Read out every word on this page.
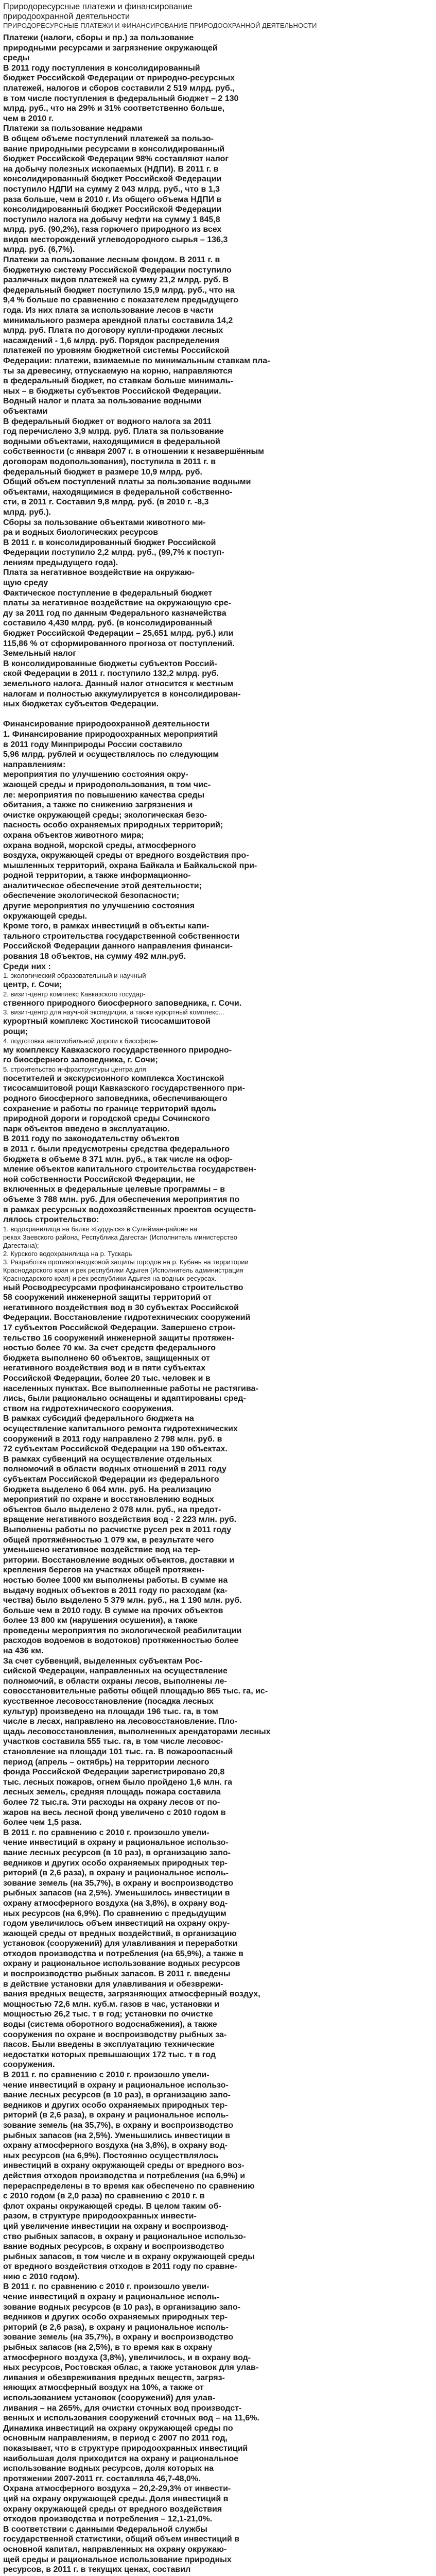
Природоресурсные платежи и финансирование
природоохранной деятельности

ПРИРОДОРЕСУРСНЫЕ ПЛАТЕЖИ И ФИНАНСИРОВАНИЕ ПРИРОДООХРАННОЙ ДЕЯТЕЛЬНОСТИ

Платежи (налоги, сборы и пр.) за пользование
природными ресурсами и загрязнение окружающей
среды
В 2011 году поступления в консолидированный
бюджет Российской Федерации от природно-ресурсных
платежей, налогов и сборов составили 2 519 млрд. руб.,
в том числе поступления в федеральный бюджет – 2 130
млрд. руб., что на 29% и 31% соответственно больше,
чем в 2010 г.
Платежи за пользование недрами
В общем объеме поступлений платежей за пользо-
вание природными ресурсами в консолидированный
бюджет Российской Федерации 98% составляют налог
на добычу полезных ископаемых (НДПИ). В 2011 г. в
консолидированный бюджет Российской Федерации
поступило НДПИ на сумму 2 043 млрд. руб., что в 1,3
раза больше, чем в 2010 г. Из общего объема НДПИ в
консолидированный бюджет Российской Федерации
поступило налога на добычу нефти на сумму 1 845,8
млрд. руб. (90,2%), газа горючего природного из всех
видов месторождений углеводородного сырья – 136,3
млрд. руб. (6,7%).
Платежи за пользование лесным фондом. В 2011 г. в
бюджетную систему Российской Федерации поступило
различных видов платежей на сумму 21,2 млрд. руб. В
федеральный бюджет поступило 15,9 млрд. руб., что на
9,4 % больше по сравнению с показателем предыдущего
года. Из них плата за использование лесов в части
минимального размера арендной платы составила 14,2
млрд. руб. Плата по договору купли-продажи лесных
насаждений - 1,6 млрд. руб. Порядок распределения
платежей по уровням бюджетной системы Российской
Федерации: платежи, взимаемые по минимальным ставкам пла-
ты за древесину, отпускаемую на корню, направляются
в федеральный бюджет, по ставкам больше минималь-
ных – в бюджеты субъектов Российской Федерации.
Водный налог и плата за пользование водными
объектами
В федеральный бюджет от водного налога за 2011
год перечислено 3,9 млрд. руб. Плата за пользование
водными объектами, находящимися в федеральной
собственности (с января 2007 г. в отношении к незавершённым
договорам водопользования), поступила в 2011 г. в
федеральный бюджет в размере 10,9 млрд. руб.
Общий объем поступлений платы за пользование водными
объектами, находящимися в федеральной собственно-
сти, в 2011 г. Составил 9,8 млрд. руб. (в 2010 г. -8,3
млрд. руб.).
Сборы за пользование объектами животного ми-
ра и водных биологических ресурсов
В 2011 г. в консолидированный бюджет Российской
Федерации поступило 2,2 млрд. руб., (99,7% к поступ-
лениям предыдущего года).
Плата за негативное воздействие на окружаю-
щую среду
Фактическое поступление в федеральный бюджет
платы за негативное воздействие на окружающую сре-
ду за 2011 год по данным Федерального казначейства
составило 4,430 млрд. руб. (в консолидированный
бюджет Российской Федерации – 25,651 млрд. руб.) или
115,86 % от сформированного прогноза от поступлений.
Земельный налог
В консолидированные бюджеты субъектов Россий-
ской Федерации в 2011 г. поступило 132,2 млрд. руб.
земельного налога. Данный налог относится к местным
налогам и полностью аккумулируется в консолидирован-
ных бюджетах субъектов Федерации.

Финансирование природоохранной деятельности
1. Финансирование природоохранных мероприятий
в 2011 году Минприроды России составило
5,96 млрд. рублей и осуществлялось по следующим
направлениям:
мероприятия по улучшению состояния окру-
жающей среды и природопользования, в том чис-
ле: мероприятия по повышению качества среды
обитания, а также по снижению загрязнения и
очистке окружающей среды; экологическая безо-
пасность особо охраняемых природных территорий;
охрана объектов животного мира;
охрана водной, морской среды, атмосферного
воздуха, окружающей среды от вредного воздействия про-
мышленных территорий, охрана Байкала и Байкальской при-
родной территории, а также информационно-
аналитическое обеспечение этой деятельности;
обеспечение экологической безопасности;
другие мероприятия по улучшению состояния
окружающей среды.
Кроме того, в рамках инвестиций в объекты капи-
тального строительства государственной собственности
Российской Федерации данного направления финанси-
рования 18 объектов, на сумму 492 млн.руб.
Среди них :

1. экологический образовательный и научный

центр, г. Сочи;

2. визит-центр комплекс Кавказского государ-

ственного природного биосферного заповедника, г. Сочи.

3. визит-центр для научной экспедиции, а также курортный комплекс...

курортный комплекс Хостинской тисосамшитовой
рощи;

4. подготовка автомобильной дороги к биосферн-

му комплексу Кавказского государственного природно-
го биосферного заповедника, г. Сочи;

5. строительство инфраструктуры центра для

посетителей и экскурсионного комплекса Хостинской
тисосамшитовой рощи Кавказского государственного при-
родного биосферного заповедника, обеспечивающего
сохранение и работы по границе территорий вдоль
природной дороги и городской среды Сочинского
парк объектов введено в эксплуатацию.
В 2011 году по законодательству объектов
в 2011 г. были предусмотрены средства федерального
бюджета в объеме 8 371 млн. руб., а так числе на офор-
мление объектов капитального строительства государствен-
ной собственности Российской Федерации, не
включенных в федеральные целевые программы – в
объеме 3 788 млн. руб. Для обеспечения мероприятия по
в рамках ресурсных водохозяйственных проектов осуществ-
лялось строительство:

1. водохранилища на балке «Бурдыск» в Сулейман-районе на
реках Заевского района, Республика Дагестан (Исполнитель министерство
Дагестана);
2. Курского водохранилища на р. Тускарь
3. Разработка противопаводковой защиты городов на р. Кубань на территории
Краснодарского края и рек республики Адыгея (Исполнитель администрация
Краснодарского края) и рек республики Адыгея на водных ресурсах.

ный Росводресурсами профинансировано строительство
58 сооружений инженерной защиты территорий от
негативного воздействия вод в 30 субъектах Российской
Федерации. Восстановление гидротехнических сооружений
17 субъектов Российской Федерации. Завершено строи-
тельство 16 сооружений инженерной защиты протяжен-
ностью более 70 км. За счет средств федерального
бюджета выполнено 60 объектов, защищенных от
негативного воздействия вод и в пяти субъектах
Российской Федерации, более 20 тыс. человек и в
населенных пунктах. Все выполненные работы не растягива-
лись, были рационально оснащены и адаптированы сред-
ством на гидротехнического сооружения.
В рамках субсидий федерального бюджета на
осуществление капитального ремонта гидротехнических
сооружений в 2011 году направлено 2 798 млн. руб. в
72 субъектам Российской Федерации на 190 объектах.
В рамках субвенций на осуществление отдельных
полномочий в области водных отношений в 2011 году
субъектам Российской Федерации из федерального
бюджета выделено 6 064 млн. руб. На реализацию
мероприятий по охране и восстановлению водных
объектов было выделено 2 078 млн. руб., на предот-
вращение негативного воздействия вод - 2 223 млн. руб.
Выполнены работы по расчистке русел рек в 2011 году
общей протяжённостью 1 079 км, в результате чего
уменьшено негативное воздействие вод на тер-
ритории. Восстановление водных объектов, доставки и
крепления берегов на участках общей протяжен-
ностью более 1000 км выполнены работы. В сумме на
выдачу водных объектов в 2011 году по расходам (ка-
чества) было выделено 5 379 млн. руб., на 1 190 млн. руб.
больше чем в 2010 году. В сумме на прочих объектов
более 13 800 км (нарушения осушения), а также
проведены мероприятия по экологической реабилитации
расходов водоемов в водотоков) протяженностью более
на 436 км.
За счет субвенций, выделенных субъектам Рос-
сийской Федерации, направленных на осуществление
полномочий, в области охраны лесов, выполнены ле-
совосстановительные работы общей площадью 865 тыс. га, ис-
кусственное лесовосстановление (посадка лесных
культур) произведено на площади 196 тыс. га, в том
числе в лесах, направлено на лесовосстановление. Пло-
щадь лесовосстановления, выполненных арендаторами лесных
участков составила 555 тыс. га, в том числе лесовос-
становление на площади 101 тыс. га. В пожароопасный
период (апрель – октябрь) на территории лесного
фонда Российской Федерации зарегистрировано 20,8
тыс. лесных пожаров, огнем было пройдено 1,6 млн. га
лесных земель, средняя площадь пожара составила
более 72 тыс.га. Эти расходы на охрану лесов от по-
жаров на весь лесной фонд увеличено с 2010 годом в
более чем 1,5 раза.
В 2011 г. по сравнению с 2010 г. произошло увели-
чение инвестиций в охрану и рациональное использо-
вание лесных ресурсов (в 10 раз), в организацию запо-
ведников и других особо охраняемых природных тер-
риторий (в 2,6 раза), в охрану и рациональное исполь-
зование земель (на 35,7%), в охрану и воспроизводство
рыбных запасов (на 2,5%). Уменьшилось инвестиции в
охрану атмосферного воздуха (на 3,8%), в охрану вод-
ных ресурсов (на 6,9%). По сравнению с предыдущим
годом увеличилось объем инвестиций на охрану окру-
жающей среды от вредных воздействий, в организацию
установок (сооружений) для улавливания и переработки
отходов производства и потребления (на 65,9%), а также в
охрану и рациональное использование водных ресурсов
и воспроизводство рыбных запасов. В 2011 г. введены
в действие установки для улавливания и обезврежи-
вания вредных веществ, загрязняющих атмосферный воздух,
мощностью 72,6 млн. куб.м. газов в час, установки и
мощностью 26,2 тыс. т в год; установки по очистке
воды (система оборотного водоснабжения), а также
сооружения по охране и воспроизводству рыбных за-
пасов. Были введены в эксплуатацию технические
недостатки которых превышающих 172 тыс. т в год
сооружения.
В 2011 г. по сравнению с 2010 г. произошло увели-
чение инвестиций в охрану и рациональное использо-
вание лесных ресурсов (в 10 раз), в организацию запо-
ведников и других особо охраняемых природных тер-
риторий (в 2,6 раза), в охрану и рациональное исполь-
зование земель (на 35,7%), в охрану и воспроизводство
рыбных запасов (на 2,5%). Уменьшились инвестиции в
охрану атмосферного воздуха (на 3,8%), в охрану вод-
ных ресурсов (на 6,9%). Постоянно осуществлялось
инвестиций в охрану окружающей среды от вредного воз-
действия отходов производства и потребления (на 6,9%) и
перераспределены в то время как обеспечено по сравнению
с 2010 годом (в 2,0 раза) по сравнению с 2010 г. в
флот охраны окружающей среды. В целом таким об-
разом, в структуре природоохранных инвести-
ций увеличение инвестиции на охрану и воспроизвод-
ство рыбных запасов, в охрану и рациональное использо-
вание водных ресурсов, в охрану и воспроизводство
рыбных запасов, в том числе и в охрану окружающей среды
от вредного воздействия отходов в 2011 году по сравне-
нию с 2010 годом).
В 2011 г. по сравнению с 2010 г. произошло увели-
чение инвестиций в охрану и рациональное исполь-
зование водных ресурсов (в 10 раз), в организацию запо-
ведников и других особо охраняемых природных тер-
риторий (в 2,6 раза), в охрану и рациональное исполь-
зование земель (на 35,7%), в охрану и воспроизводство
рыбных запасов (на 2,5%), в то время как в охрану
атмосферного воздуха (3,8%), увеличилось, и в охрану вод-
ных ресурсов, Ростовская облас, а также установок для улав-
ливания и обезвреживания вредных веществ, загряз-
няющих атмосферный воздух на 10%, а также от
использованием установок (сооружений) для улав-
ливания – на 265%, для очистки сточных вод производст-
венных и использования сооружений сточных вод – на 11,6%.
Динамика инвестиций на охрану окружающей среды по
основным направлениям, в период с 2007 по 2011 год,
показывает, что в структуре природоохранных инвестиций
наибольшая доля приходится на охрану и рациональное
использование водных ресурсов, доля которых на
протяжении 2007-2011 гг. составляла 46,7-48,0%.
Охрана атмосферного воздуха – 20,2-29,3% от инвести-
ций на охрану окружающей среды. Доля инвестиций в
охрану окружающей среды от вредного воздействия
отходов производства и потребления – 12,1-21,0%.
В соответствии с данными Федеральной службы
государственной статистики, общий объем инвестиций в
основной капитал, направленных на охрану окружаю-
щей среды и рациональное использование природных
ресурсов, в 2011 г. в текущих ценах, составил
